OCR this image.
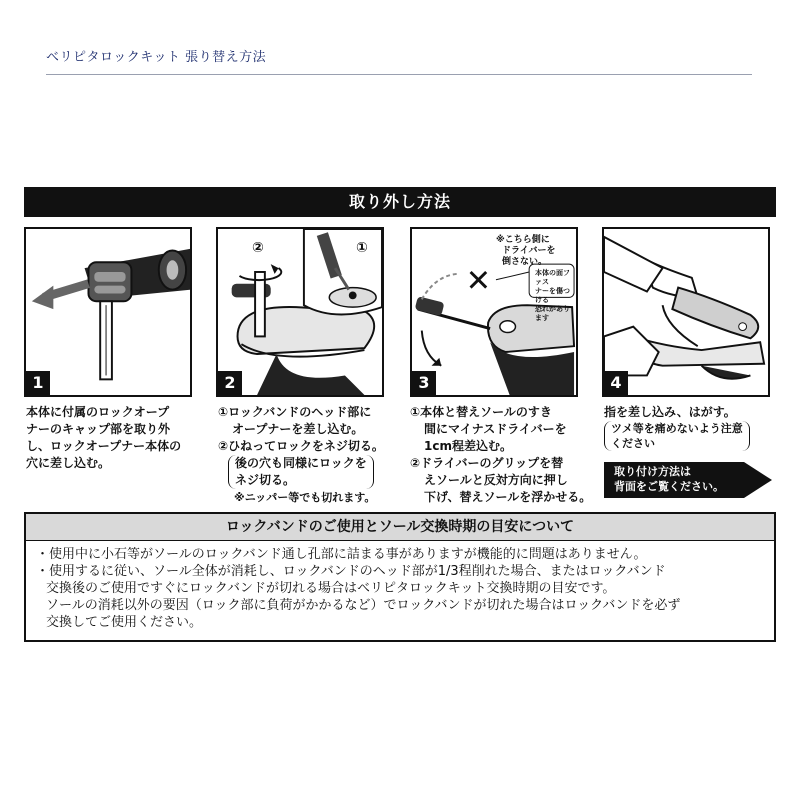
ベリピタロックキット 張り替え方法
取り外し方法
1
②	①
2
※こちら側に
ドライバーを
倒さない。
本体の面ファス
ナーを傷つける
恐れがあります
3	4
本体に付属のロックオープ
ナーのキャップ部を取り外
し、ロックオープナー本体の
穴に差し込む。
①ロックバンドのヘッド部に
オープナーを差し込む。
②ひねってロックをネジ切る。
後の穴も同様にロックを
ネジ切る。
※ニッパー等でも切れます。
①本体と替えソールのすき
間にマイナスドライバーを
1cm程差込む。
②ドライバーのグリップを替
えソールと反対方向に押し
下げ、替えソールを浮かせる。
指を差し込み、はがす。
ツメ等を痛めないよう注意
ください
取り付け方法は
背面をご覧ください。
ロックバンドのご使用とソール交換時期の目安について
・使用中に小石等がソールのロックバンド通し孔部に詰まる事がありますが機能的に問題はありません。
・使用するに従い、ソール全体が消耗し、ロックバンドのヘッド部が1/3程削れた場合、またはロックバンド
交換後のご使用ですぐにロックバンドが切れる場合はベリピタロックキット交換時期の目安です。
ソールの消耗以外の要因（ロック部に負荷がかかるなど）でロックバンドが切れた場合はロックバンドを必ず
交換してご使用ください。
